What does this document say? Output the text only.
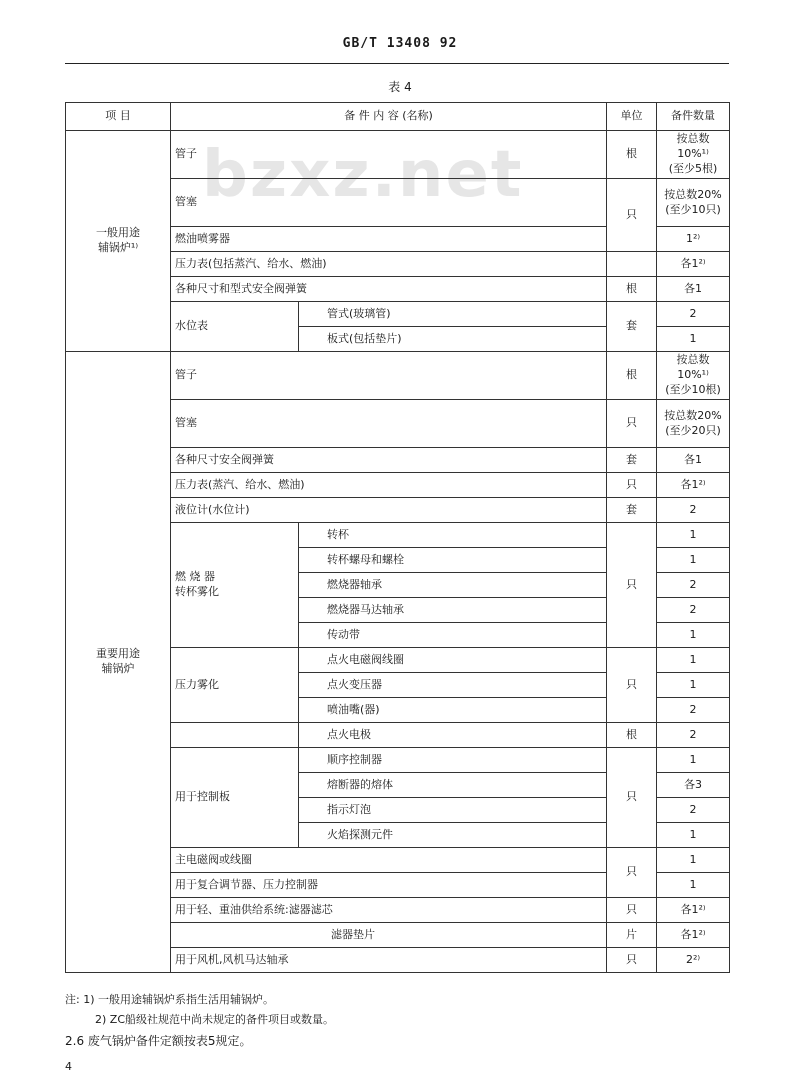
GB/T 13408 92
表 4
bzxz.net
项 目	备 件 内 容 (名称)		单位	备件数量
一般用途
辅锅炉¹⁾	管子		根	按总数10%¹⁾
(至少5根)
	管塞		只	按总数20%
(至少10只)
	燃油喷雾器			1²⁾
	压力表(包括蒸汽、给水、燃油)			各1²⁾
	各种尺寸和型式安全阀弹簧		根	各1
	水位表	管式(玻璃管)	套	2
		板式(包括垫片)		1
重要用途
辅锅炉	管子		根	按总数10%¹⁾
(至少10根)
	管塞		只	按总数20%
(至少20只)
	各种尺寸安全阀弹簧		套	各1
	压力表(蒸汽、给水、燃油)		只	各1²⁾
	液位计(水位计)		套	2
	燃 烧 器
转杯雾化	转杯	只	1
		转杯螺母和螺栓		1
		燃烧器轴承		2
		燃烧器马达轴承		2
		传动带		1
	压力雾化	点火电磁阀线圈	只	1
		点火变压器		1
		喷油嘴(器)		2
		点火电极	根	2
	用于控制板	顺序控制器	只	1
		熔断器的熔体		各3
		指示灯泡		2
		火焰探测元件		1
	主电磁阀或线圈		只	1
	用于复合调节器、压力控制器			1
	用于轻、重油供给系统:滤器滤芯		只	各1²⁾
	滤器垫片		片	各1²⁾
	用于风机,风机马达轴承		只	2²⁾
注: 1) 一般用途辅锅炉系指生活用辅锅炉。
2) ZC船级社规范中尚未规定的备件项目或数量。
2.6 废气锅炉备件定额按表5规定。
4
